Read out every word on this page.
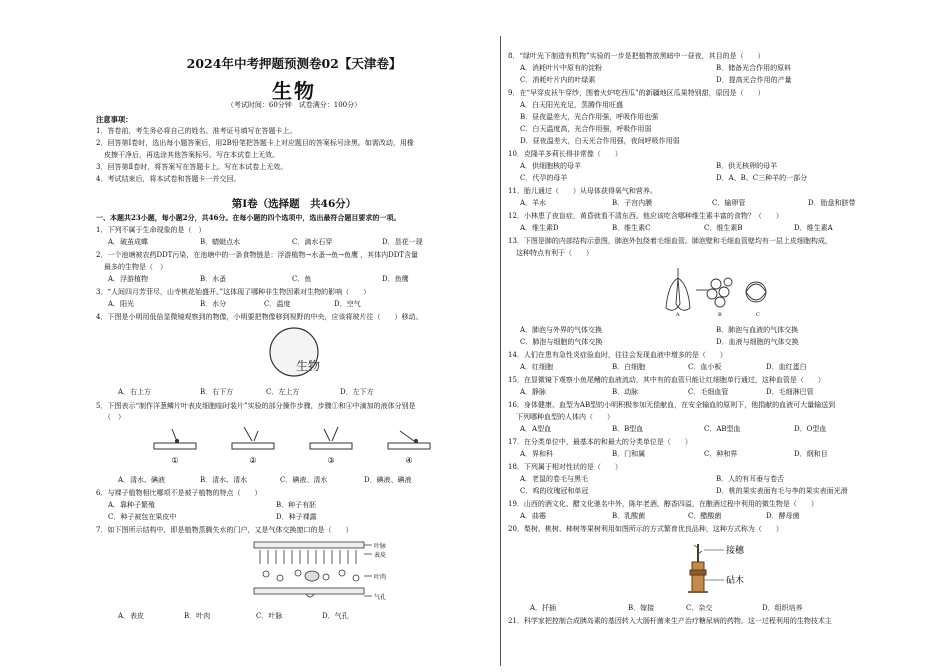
2024年中考押题预测卷02【天津卷】
生物
（考试时间：60分钟　试卷满分：100分）
注意事项：
1．答卷前，考生务必将自己的姓名、准考证号填写在答题卡上。
2．回答第Ⅰ卷时，选出每小题答案后，用2B铅笔把答题卡上对应题目的答案标号涂黑。如需改动，用橡
皮擦干净后，再选涂其他答案标号。写在本试卷上无效。
3．回答第Ⅱ卷时，将答案写在答题卡上。写在本试卷上无效。
4．考试结束后，将本试卷和答题卡一并交回。
第Ⅰ卷（选择题　共46分）
一、本题共23小题，每小题2分，共46分。在每小题的四个选项中，选出最符合题目要求的一项。
1．下列不属于生命现象的是（　）
A．破茧成蝶	B．蜻蜓点水	C．滴水石穿	D．昙花一现
2．一个池塘被农药DDT污染，在池塘中的一条食物链是：浮游植物→水蚤→鱼→鱼鹰 ，其体内DDT含量
最多的生物是（　）
A．浮游植物	B．水蚤	C．鱼	D．鱼鹰
3．“人间四月芳菲尽，山寺桃花始盛开。”这体现了哪种非生物因素对生物的影响（　　）
A．阳光	B．水分	C．温度	D．空气
4．下图是小明用低倍显微镜观察到的物像，小明要把物像移到视野的中央，应该将玻片往（　　）移动。
生物
A．右上方	B．右下方	C．左上方	D．左下方
5．下图表示“制作洋葱鳞片叶表皮细胞临时装片”实验的部分操作步骤，步骤①和④中滴加的液体分别是
（　）
①	②	③	④
A．清水、碘液	B．清水、清水	C．碘液、清水	D．碘液、碘液
6．与裸子植物相比哪项不是被子植物的特点（　　）
A．靠种子繁殖	B．种子有胚
C．种子被包在果皮中	D．种子裸露
7．如下图所示结构中，即是植物蒸腾失水的门户，又是气体交换窗口的是（　　）
叶脉
表皮
叶肉
气孔
A．表皮	B．叶肉	C．叶脉	D．气孔
8．“绿叶光下制造有机物”实验的一步是把植物放黑暗中一昼夜，其目的是（　　）
A．消耗叶片中原有的淀粉	B．储备光合作用的原料
C．消耗叶片内的叶绿素	D．提高光合作用的产量
9．在“早穿皮袄午穿纱，围着火炉吃西瓜”的新疆地区瓜果特别甜，原因是（　　）
A．白天阳光充足，蒸腾作用旺盛
B．昼夜温差大，光合作用强，呼吸作用也强
C．白天温度高，光合作用强，呼吸作用弱
D．昼夜温差大，白天光合作用强，夜间呼吸作用弱
10．克隆羊多莉长得非常像（　　）
A．供细胞核的母羊	B．供无核卵的母羊
C．代孕的母羊	D．A、B、C三种羊的一部分
11．胎儿通过（　　）从母体获得氧气和营养。
A．羊水	B．子宫内膜	C．输卵管	D．胎盘和脐带
12．小林患了夜盲症，黄昏就看不清东西。他应该吃含哪种维生素丰富的食物？（　　）
A．维生素D	B．维生素C	C．维生素B	D．维生素A
13．下图是肺的内部结构示意图，肺泡外包绕着毛细血管。肺泡壁和毛细血管壁均有一层上皮细胞构成，
这种特点有利于（　　）
A	B	C
A．肺泡与外界的气体交换	B．肺泡与血液的气体交换
C．肺泡与细胞的气体交换	D．血液与细胞的气体交换
14．人们在患有急性炎症验血时，往往会发现血液中增多的是（　　）
A．红细胞	B．白细胞	C．血小板	D．血红蛋白
15．在显微镜下观察小鱼尾鳍的血液流动，其中有的血管只能让红细胞单行通过，这种血管是（　　）
A．静脉	B．动脉	C．毛细血管	D．毛细淋巴管
16．身体健康、血型为AB型的小明积极参加无偿献血，在安全输血的原则下，他捐献的血液可大量输送到
下列哪种血型的人体内（　　）
A．A型血	B．B型血	C．AB型血	D．O型血
17．在分类单位中，最基本的和最大的分类单位是（　　）
A．界和科	B．门和属	C．种和界	D．纲和目
18．下列属于相对性状的是（　　）
A．老鼠的卷毛与黑毛	B．人的有耳垂与卷舌
C．鸡的玫瑰冠和单冠	D．桃的果实表面有毛与李的果实表面光滑
19．山西的酒文化、醋文化驰名中外，陈年老酒，醇香四溢，在酿酒过程中利用的微生物是（　　）
A．曲霉	B．乳酸菌	C．醋酸菌	D．酵母菌
20．梨树、桃树、柿树等果树利用如图所示的方式繁育优良品种，这种方式称为（　　）
接穗
砧木
A．扦插	B．嫁接	C．杂交	D．组织培养
21．科学家把控制合成胰岛素的基因转入大肠杆菌来生产治疗糖尿病的药物。这一过程利用的生物技术主
